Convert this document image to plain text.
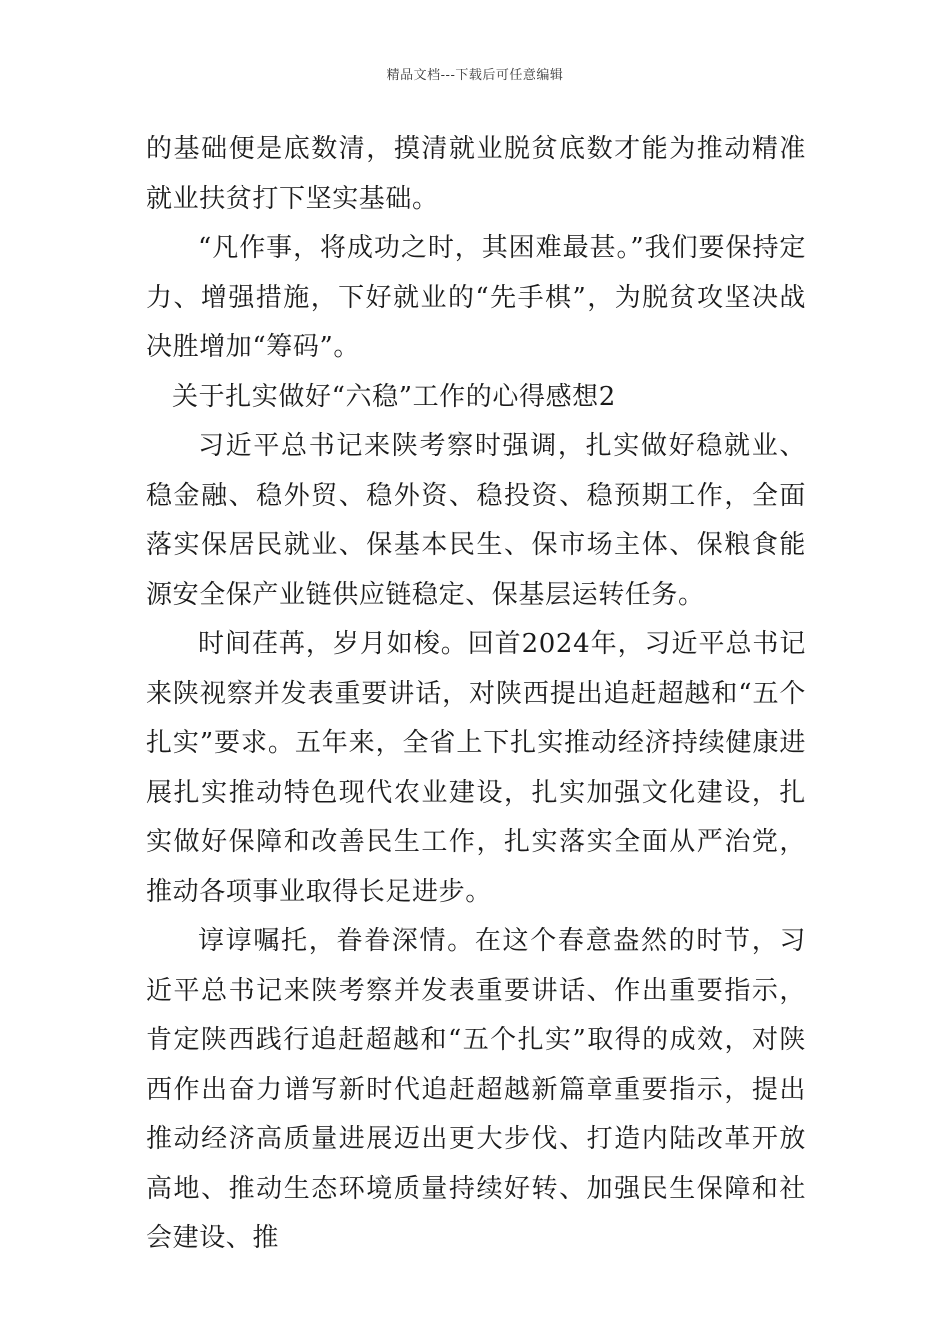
精品文档---下载后可任意编辑

的基础便是底数清，摸清就业脱贫底数才能为推动精准就业扶贫打下坚实基础。

“凡作事，将成功之时，其困难最甚。”我们要保持定力、增强措施，下好就业的“先手棋”，为脱贫攻坚决战决胜增加“筹码”。

关于扎实做好“六稳”工作的心得感想2

习近平总书记来陕考察时强调，扎实做好稳就业、稳金融、稳外贸、稳外资、稳投资、稳预期工作，全面落实保居民就业、保基本民生、保市场主体、保粮食能源安全保产业链供应链稳定、保基层运转任务。

时间荏苒，岁月如梭。回首2024年，习近平总书记来陕视察并发表重要讲话，对陕西提出追赶超越和“五个扎实”要求。五年来，全省上下扎实推动经济持续健康进展扎实推动特色现代农业建设，扎实加强文化建设，扎实做好保障和改善民生工作，扎实落实全面从严治党，推动各项事业取得长足进步。

谆谆嘱托，眷眷深情。在这个春意盎然的时节，习近平总书记来陕考察并发表重要讲话、作出重要指示，肯定陕西践行追赶超越和“五个扎实”取得的成效，对陕西作出奋力谱写新时代追赶超越新篇章重要指示，提出推动经济高质量进展迈出更大步伐、打造内陆改革开放高地、推动生态环境质量持续好转、加强民生保障和社会建设、推
